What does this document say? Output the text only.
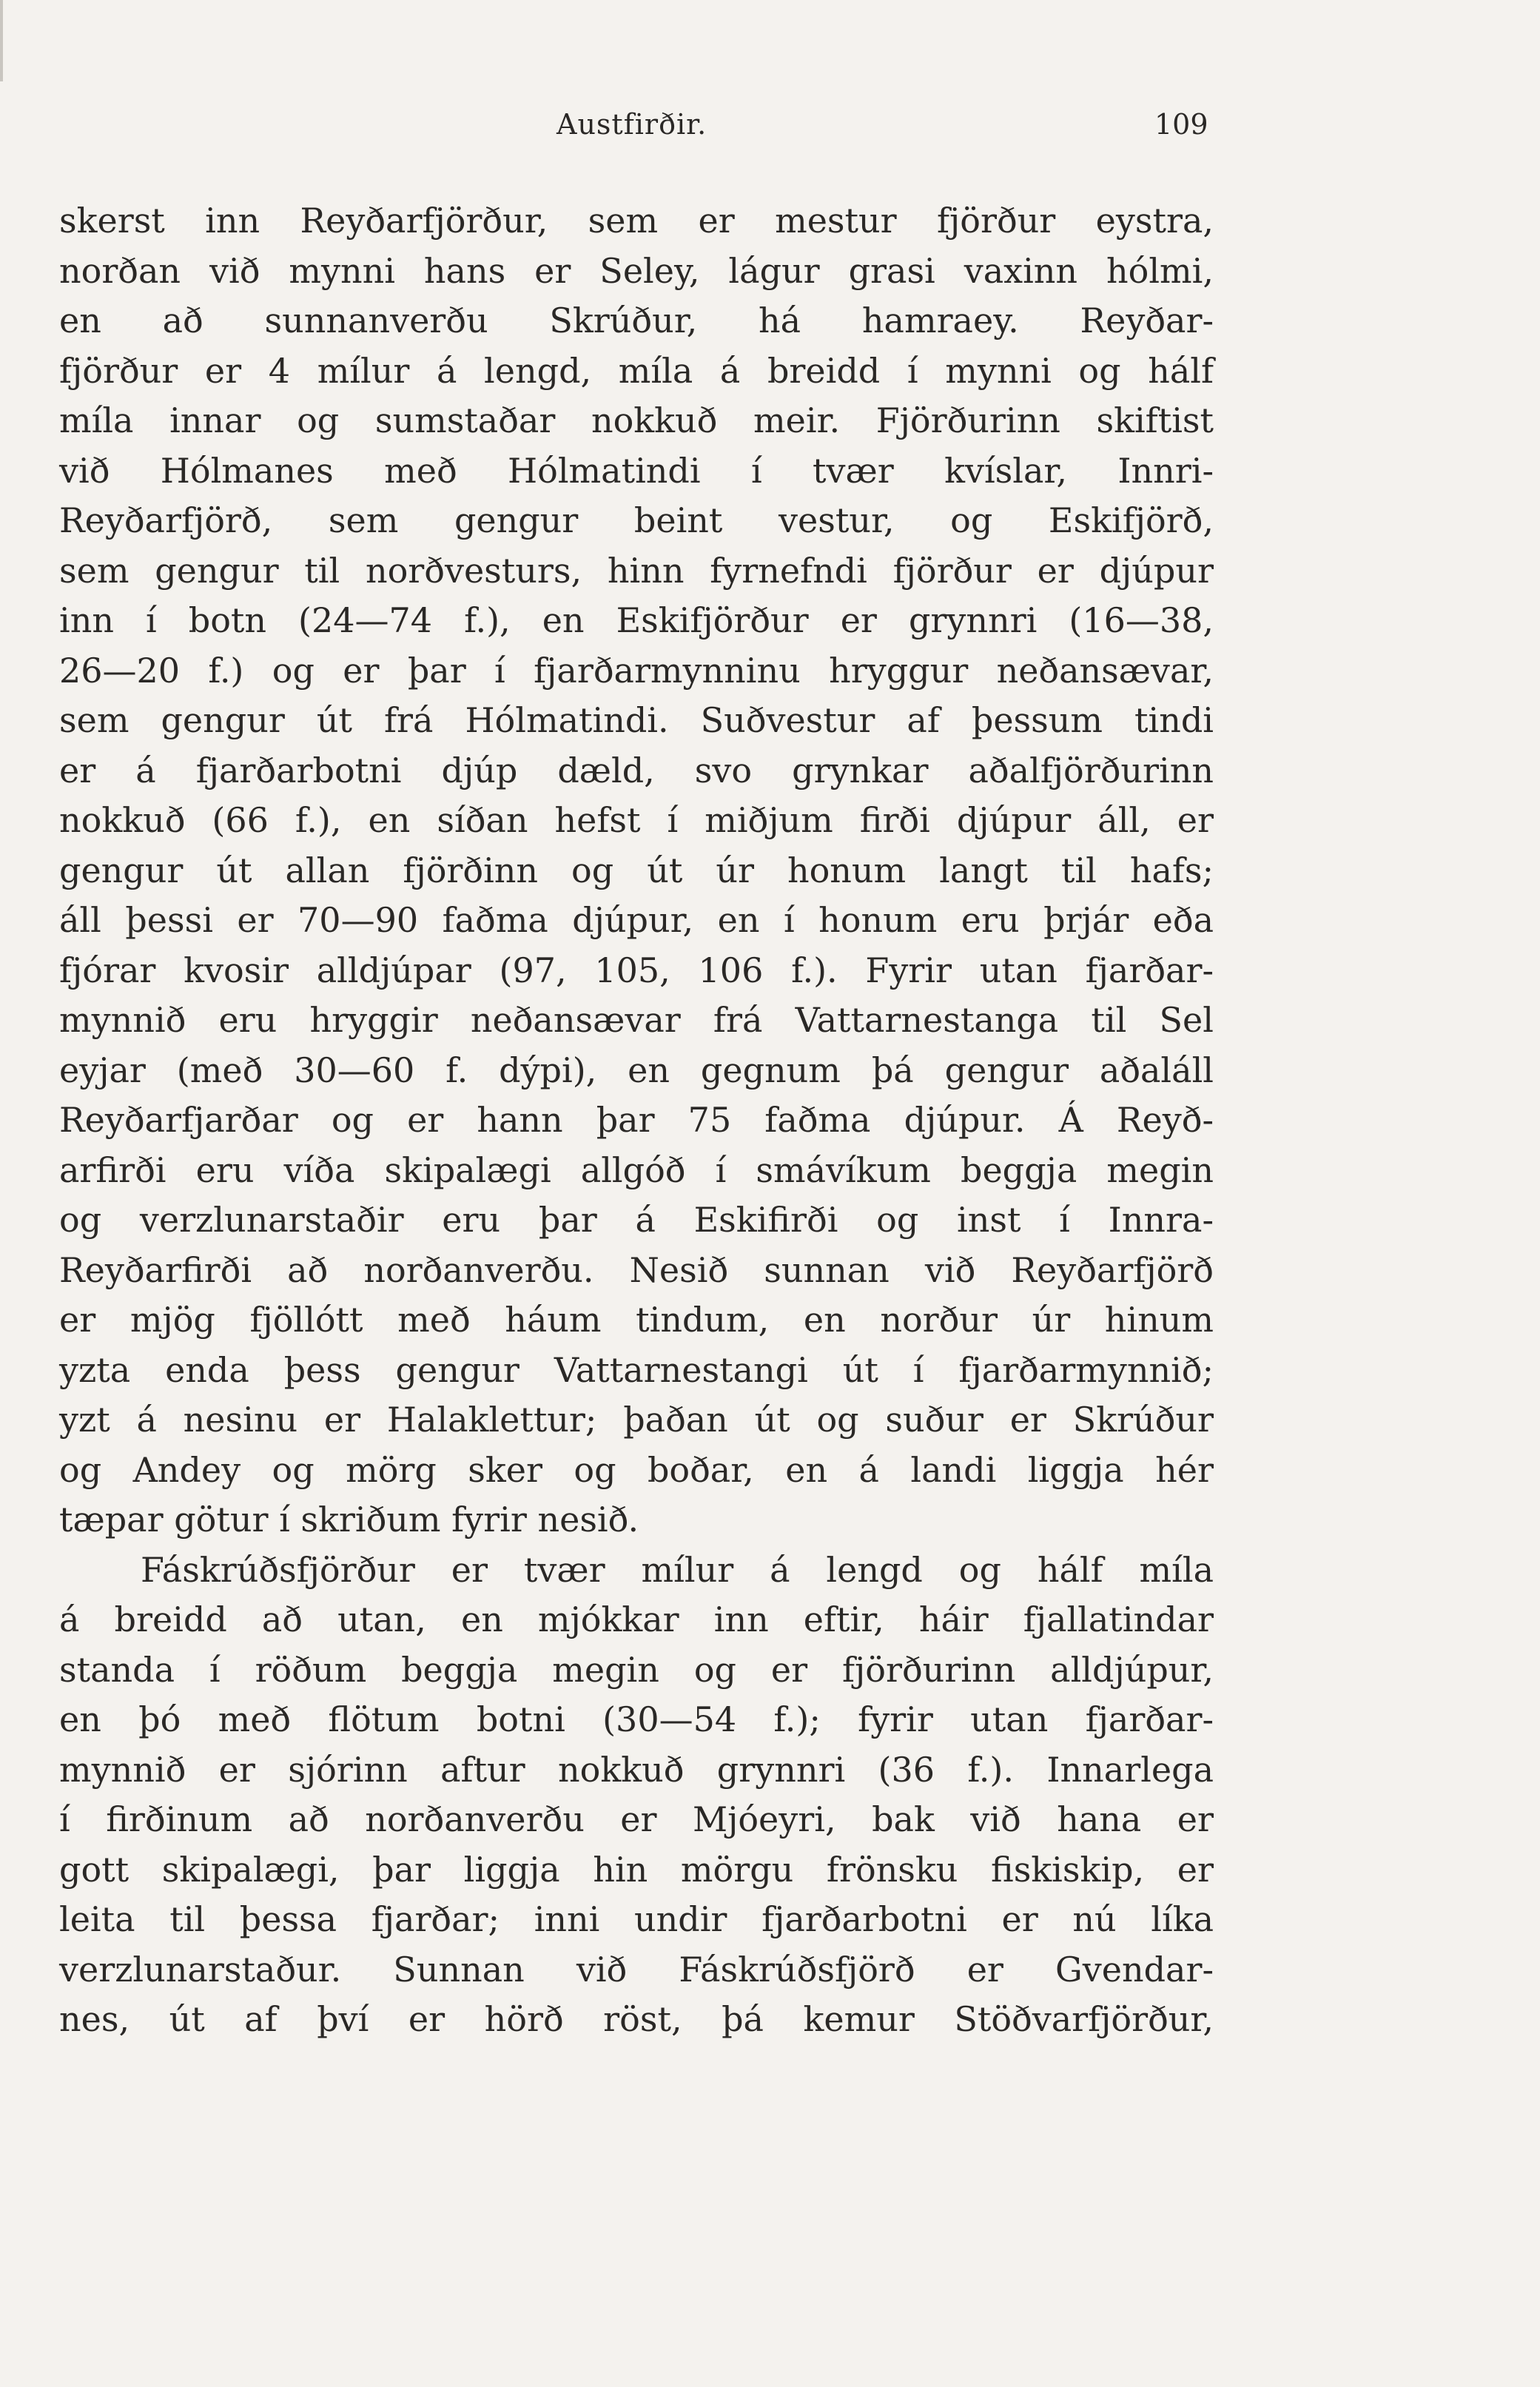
Austfirðir.	109
skerst inn Reyðarfjörður, sem er mestur fjörður eystra,
norðan við mynni hans er Seley, lágur grasi vaxinn hólmi,
en að sunnanverðu Skrúður, há hamraey. Reyðar-
fjörður er 4 mílur á lengd, míla á breidd í mynni og hálf
míla innar og sumstaðar nokkuð meir. Fjörðurinn skiftist
við Hólmanes með Hólmatindi í tvær kvíslar, Innri-
Reyðarfjörð, sem gengur beint vestur, og Eskifjörð,
sem gengur til norðvesturs, hinn fyrnefndi fjörður er djúpur
inn í botn (24—74 f.), en Eskifjörður er grynnri (16—38,
26—20 f.) og er þar í fjarðarmynninu hryggur neðansævar,
sem gengur út frá Hólmatindi. Suðvestur af þessum tindi
er á fjarðarbotni djúp dæld, svo grynkar aðalfjörðurinn
nokkuð (66 f.), en síðan hefst í miðjum firði djúpur áll, er
gengur út allan fjörðinn og út úr honum langt til hafs;
áll þessi er 70—90 faðma djúpur, en í honum eru þrjár eða
fjórar kvosir alldjúpar (97, 105, 106 f.). Fyrir utan fjarðar-
mynnið eru hryggir neðansævar frá Vattarnestanga til Sel
eyjar (með 30—60 f. dýpi), en gegnum þá gengur aðaláll
Reyðarfjarðar og er hann þar 75 faðma djúpur. Á Reyð-
arfirði eru víða skipalægi allgóð í smávíkum beggja megin
og verzlunarstaðir eru þar á Eskifirði og inst í Innra-
Reyðarfirði að norðanverðu. Nesið sunnan við Reyðarfjörð
er mjög fjöllótt með háum tindum, en norður úr hinum
yzta enda þess gengur Vattarnestangi út í fjarðarmynnið;
yzt á nesinu er Halaklettur; þaðan út og suður er Skrúður
og Andey og mörg sker og boðar, en á landi liggja hér
tæpar götur í skriðum fyrir nesið.
Fáskrúðsfjörður er tvær mílur á lengd og hálf míla
á breidd að utan, en mjókkar inn eftir, háir fjallatindar
standa í röðum beggja megin og er fjörðurinn alldjúpur,
en þó með flötum botni (30—54 f.); fyrir utan fjarðar-
mynnið er sjórinn aftur nokkuð grynnri (36 f.). Innarlega
í firðinum að norðanverðu er Mjóeyri, bak við hana er
gott skipalægi, þar liggja hin mörgu frönsku fiskiskip, er
leita til þessa fjarðar; inni undir fjarðarbotni er nú líka
verzlunarstaður. Sunnan við Fáskrúðsfjörð er Gvendar-
nes, út af því er hörð röst, þá kemur Stöðvarfjörður,
